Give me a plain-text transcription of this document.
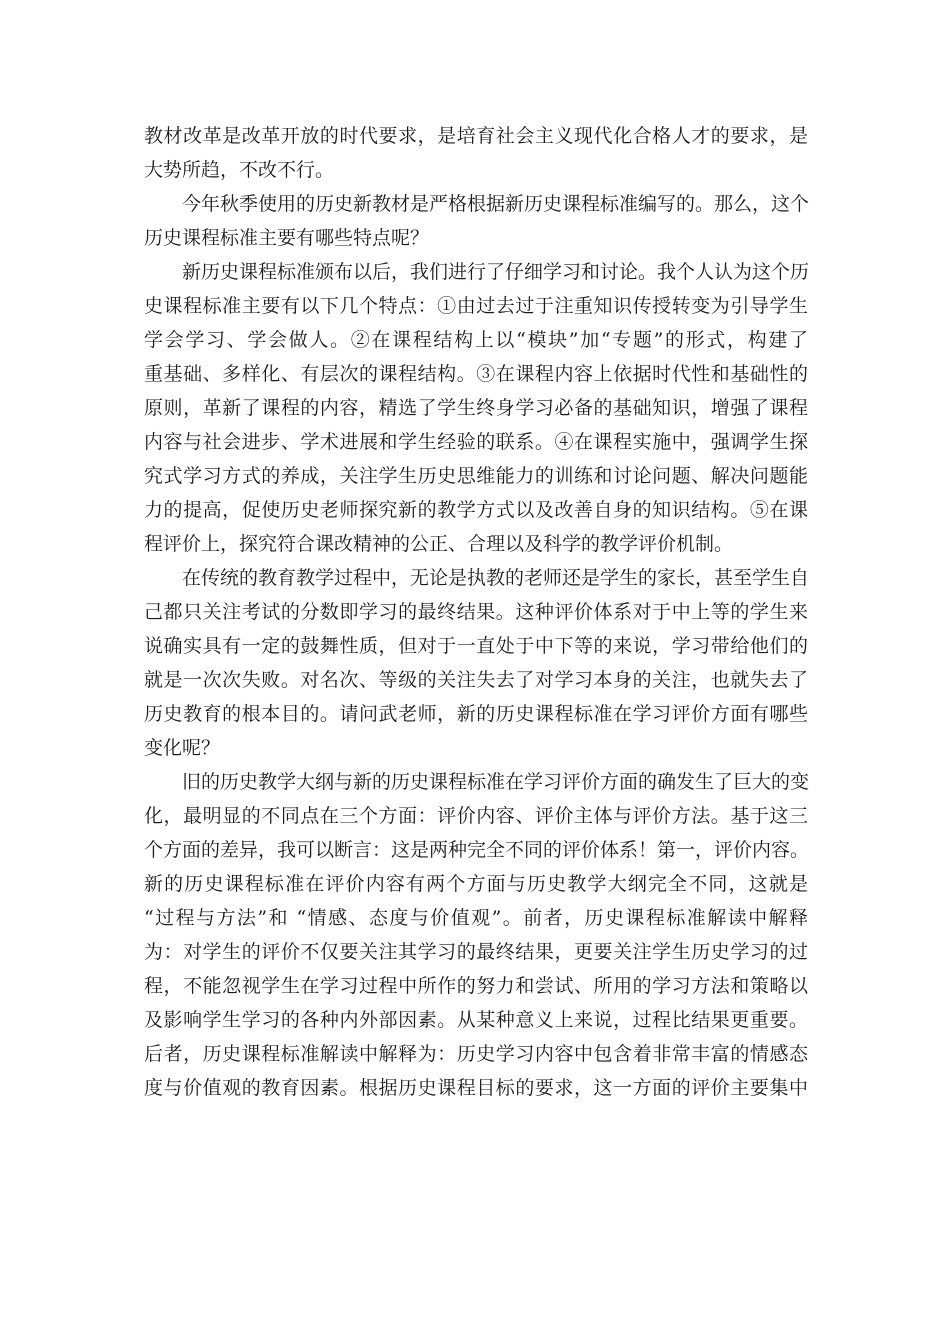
教材改革是改革开放的时代要求，是培育社会主义现代化合格人才的要求，是
大势所趋，不改不行。
今年秋季使用的历史新教材是严格根据新历史课程标准编写的。那么，这个
历史课程标准主要有哪些特点呢？
新历史课程标准颁布以后，我们进行了仔细学习和讨论。我个人认为这个历
史课程标准主要有以下几个特点：①由过去过于注重知识传授转变为引导学生
学会学习、学会做人。②在课程结构上以“模块”加“专题”的形式，构建了
重基础、多样化、有层次的课程结构。③在课程内容上依据时代性和基础性的
原则，革新了课程的内容，精选了学生终身学习必备的基础知识，增强了课程
内容与社会进步、学术进展和学生经验的联系。④在课程实施中，强调学生探
究式学习方式的养成，关注学生历史思维能力的训练和讨论问题、解决问题能
力的提高，促使历史老师探究新的教学方式以及改善自身的知识结构。⑤在课
程评价上，探究符合课改精神的公正、合理以及科学的教学评价机制。
在传统的教育教学过程中，无论是执教的老师还是学生的家长，甚至学生自
己都只关注考试的分数即学习的最终结果。这种评价体系对于中上等的学生来
说确实具有一定的鼓舞性质，但对于一直处于中下等的来说，学习带给他们的
就是一次次失败。对名次、等级的关注失去了对学习本身的关注，也就失去了
历史教育的根本目的。请问武老师，新的历史课程标准在学习评价方面有哪些
变化呢？
旧的历史教学大纲与新的历史课程标准在学习评价方面的确发生了巨大的变
化，最明显的不同点在三个方面：评价内容、评价主体与评价方法。基于这三
个方面的差异，我可以断言：这是两种完全不同的评价体系！第一，评价内容。
新的历史课程标准在评价内容有两个方面与历史教学大纲完全不同，这就是
“过程与方法”和 “情感、态度与价值观”。前者，历史课程标准解读中解释
为：对学生的评价不仅要关注其学习的最终结果，更要关注学生历史学习的过
程，不能忽视学生在学习过程中所作的努力和尝试、所用的学习方法和策略以
及影响学生学习的各种内外部因素。从某种意义上来说，过程比结果更重要。
后者，历史课程标准解读中解释为：历史学习内容中包含着非常丰富的情感态
度与价值观的教育因素。根据历史课程目标的要求，这一方面的评价主要集中
